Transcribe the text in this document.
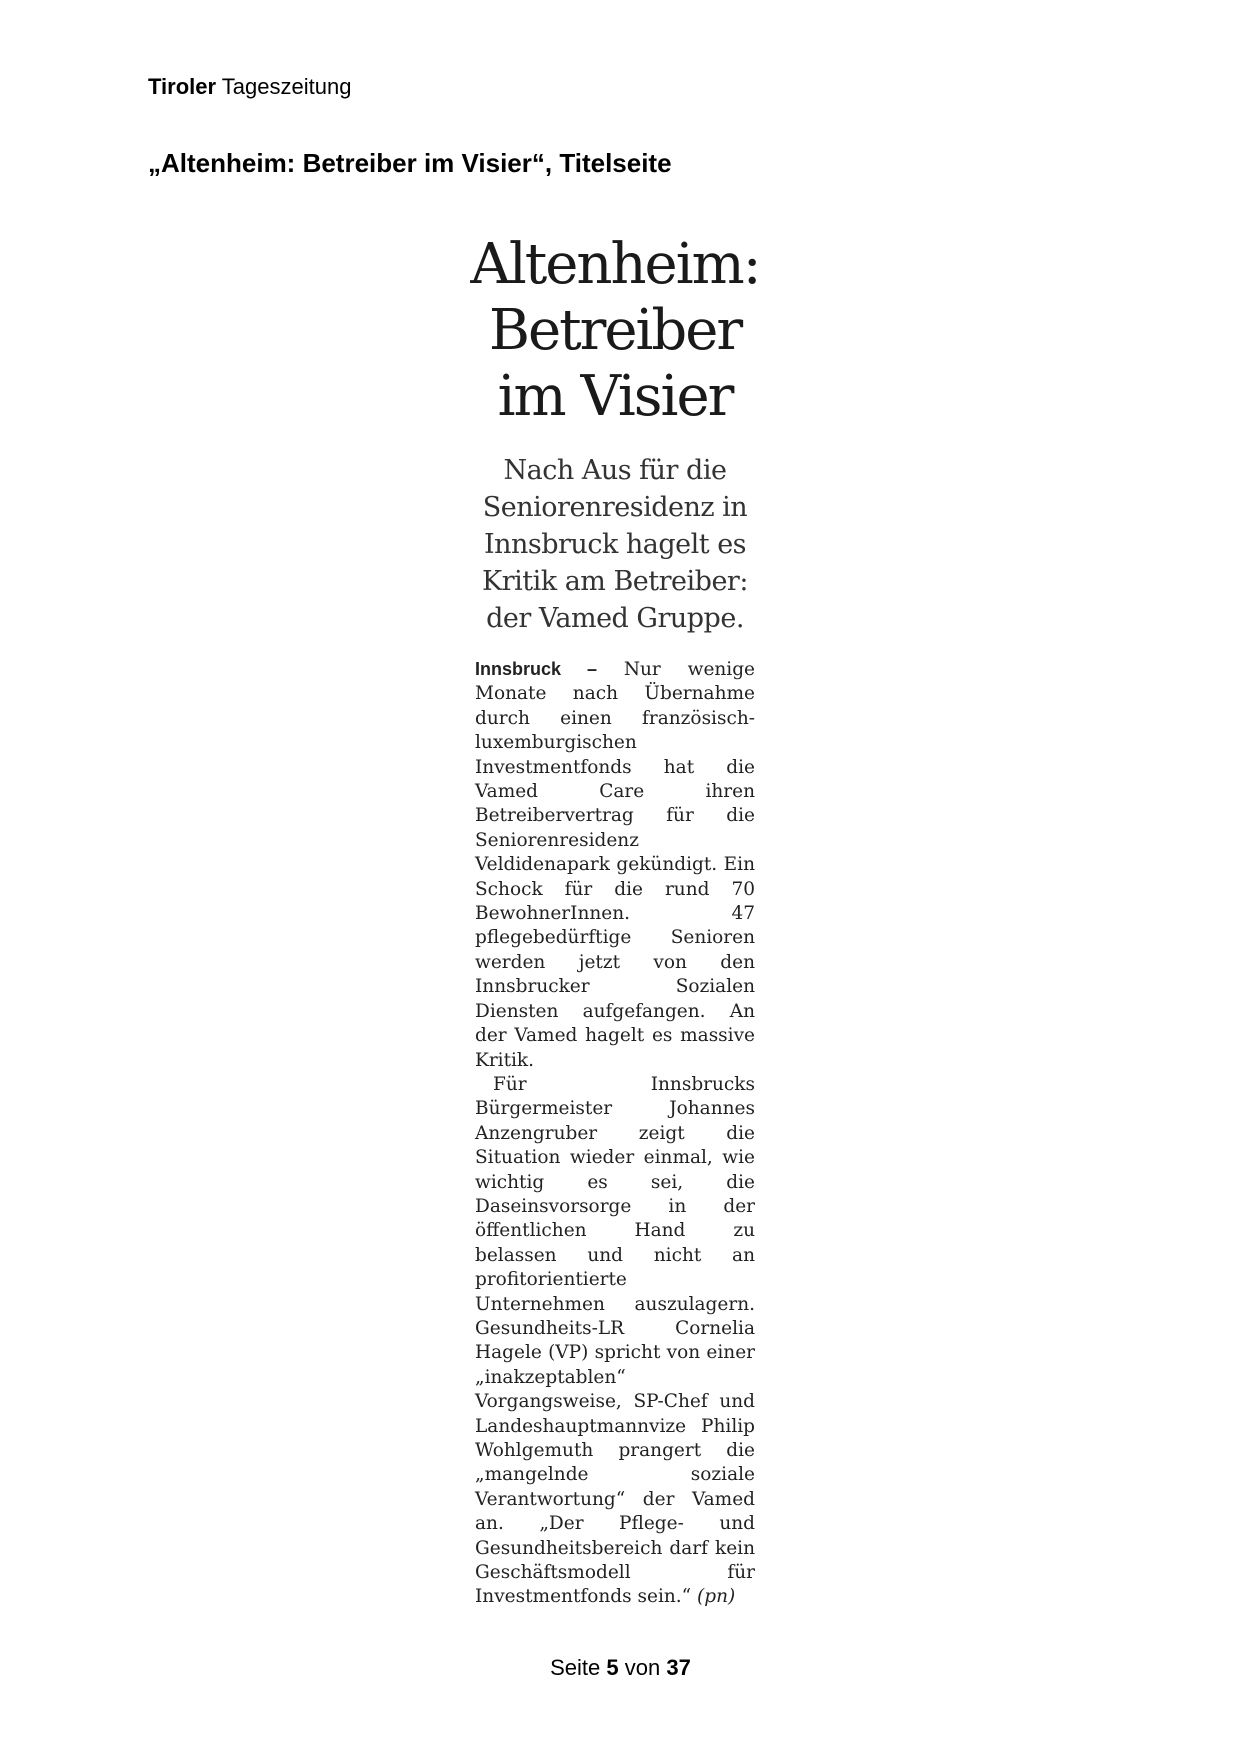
Tiroler Tageszeitung
„Altenheim: Betreiber im Visier“, Titelseite
Altenheim:
Betreiber
im Visier
Nach Aus für die
Seniorenresidenz in
Innsbruck hagelt es
Kritik am Betreiber:
der Vamed Gruppe.
Innsbruck – Nur wenige Monate nach Übernahme durch einen französisch-luxemburgischen Investmentfonds hat die Vamed Care ihren Betreibervertrag für die Seniorenresidenz Veldidenapark gekündigt. Ein Schock für die rund 70 BewohnerInnen. 47 pflegebedürftige Senioren werden jetzt von den Innsbrucker Sozialen Diensten aufgefangen. An der Vamed hagelt es massive Kritik.
Für Innsbrucks Bürgermeister Johannes Anzengruber zeigt die Situation wieder einmal, wie wichtig es sei, die Daseinsvorsorge in der öffentlichen Hand zu belassen und nicht an profitorientierte Unternehmen auszulagern. Gesundheits-LR Cornelia Hagele (VP) spricht von einer „inakzeptablen“ Vorgangsweise, SP-Chef und Landeshauptmannvize Philip Wohlgemuth prangert die „mangelnde soziale Verantwortung“ der Vamed an. „Der Pflege- und Gesundheitsbereich darf kein Geschäftsmodell für Investmentfonds sein.“ (pn)
Seite 5 von 37
